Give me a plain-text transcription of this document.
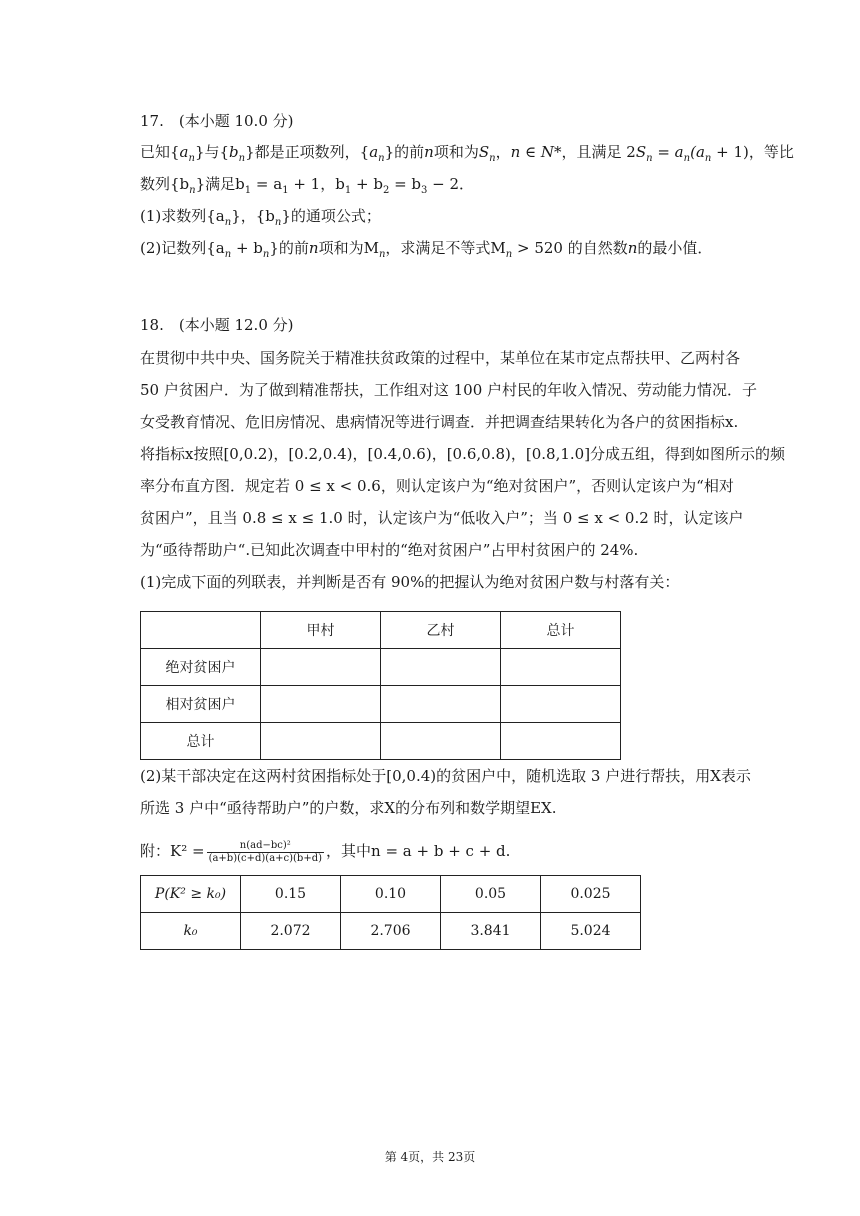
17.　(本小题 10.0 分)
已知$\{a_n\}$与$\{b_n\}$都是正项数列，$\{a_n\}$的前n项和为$S_n$，n ∈ N*，且满足 $2S_n = a_n(a_n + 1)$，等比
数列$\{b_n\}$满足$b_1 = a_1 + 1$，$b_1 + b_2 = b_3 - 2$．
(1)求数列$\{a_n\}$，$\{b_n\}$的通项公式；
(2)记数列$\{a_n + b_n\}$的前n项和为$M_n$，求满足不等式$M_n > 520$ 的自然数n的最小值．
18.　(本小题 12.0 分)
在贯彻中共中央、国务院关于精准扶贫政策的过程中，某单位在某市定点帮扶甲、乙两村各
50 户贫困户．为了做到精准帮扶，工作组对这 100 户村民的年收入情况、劳动能力情况．子
女受教育情况、危旧房情况、患病情况等进行调查．并把调查结果转化为各户的贫困指标x.
将指标x按照[0,0.2)，[0.2,0.4)，[0.4,0.6)，[0.6,0.8)，[0.8,1.0]分成五组，得到如图所示的频
率分布直方图．规定若 0 ≤ x < 0.6，则认定该户为“绝对贫困户”，否则认定该户为“相对
贫困户”，且当 0.8 ≤ x ≤ 1.0 时，认定该户为“低收入户”；当 0 ≤ x < 0.2 时，认定该户
为“亟待帮助户“.已知此次调查中甲村的“绝对贫困户”占甲村贫困户的 24%.
(1)完成下面的列联表，并判断是否有 90%的把握认为绝对贫困户数与村落有关：
	甲村	乙村	总计
绝对贫困户			
相对贫困户			
总计			
(2)某干部决定在这两村贫困指标处于[0,0.4)的贫困户中，随机选取 3 户进行帮扶，用X表示
所选 3 户中“亟待帮助户”的户数，求X的分布列和数学期望EX.
附：$K^2 = \frac{\text{n(ad−bc)²}}{(a+b)(c+d)(a+c)(b+d)}$ ，其中n = a + b + c + d.
P(K² ≥ k₀)	0.15	0.10	0.05	0.025
k₀	2.072	2.706	3.841	5.024
第 4页，共 23页
